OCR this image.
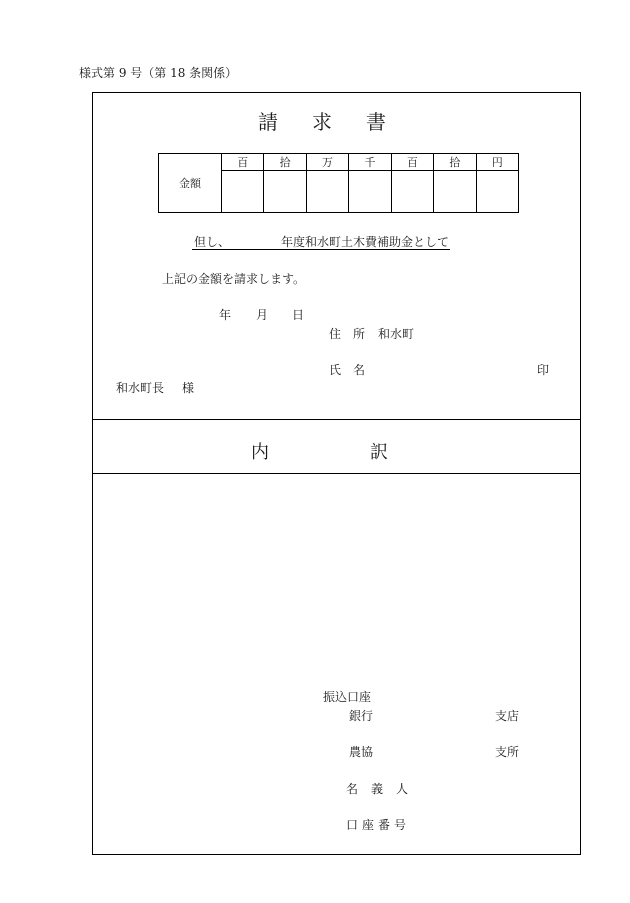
様式第 9 号（第 18 条関係）
請 求 書
金額	百	拾	万	千	百	拾	円

但し、	年度和水町土木費補助金として
上記の金額を請求します。
年 月 日
住 所 和水町
氏 名	印
和水町長 様
内	訳
振込口座
銀行	支店
農協	支所
名 義 人
口 座 番 号
